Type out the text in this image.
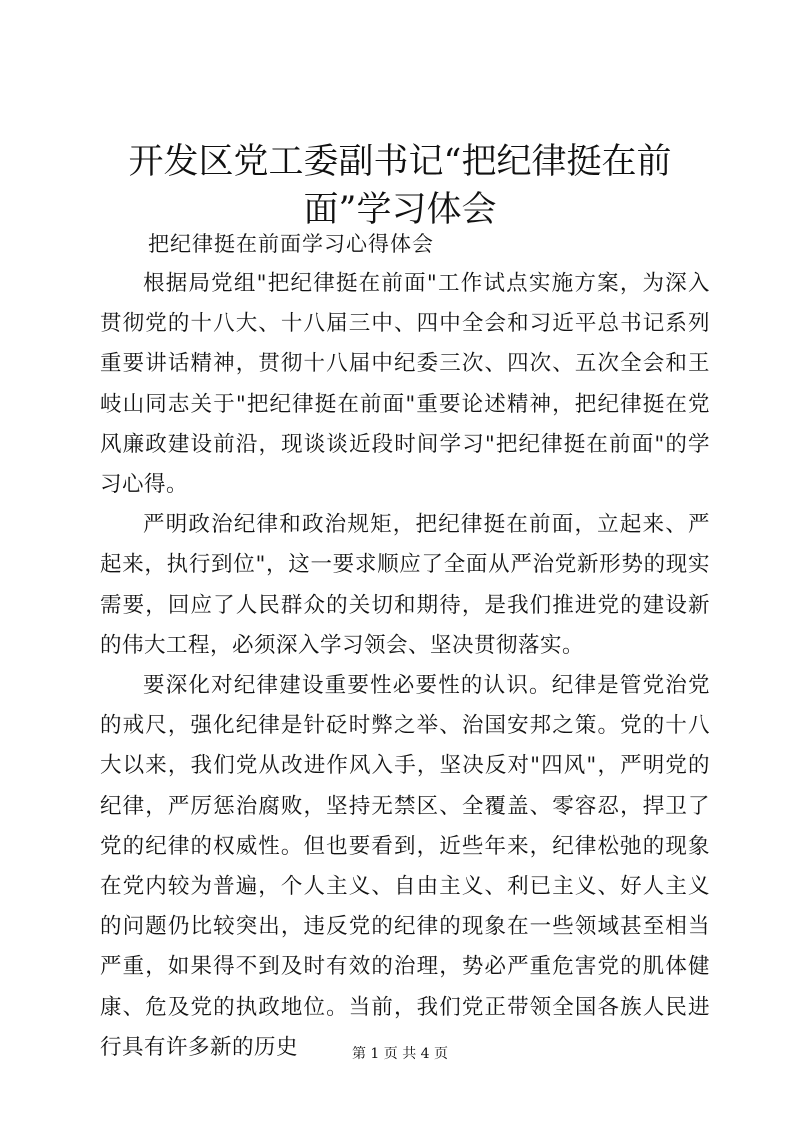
开发区党工委副书记“把纪律挺在前面”学习体会
把纪律挺在前面学习心得体会

根据局党组"把纪律挺在前面"工作试点实施方案，为深入贯彻党的十八大、十八届三中、四中全会和习近平总书记系列重要讲话精神，贯彻十八届中纪委三次、四次、五次全会和王岐山同志关于"把纪律挺在前面"重要论述精神，把纪律挺在党风廉政建设前沿，现谈谈近段时间学习"把纪律挺在前面"的学习心得。

严明政治纪律和政治规矩，把纪律挺在前面，立起来、严起来，执行到位"，这一要求顺应了全面从严治党新形势的现实需要，回应了人民群众的关切和期待，是我们推进党的建设新的伟大工程，必须深入学习领会、坚决贯彻落实。

要深化对纪律建设重要性必要性的认识。纪律是管党治党的戒尺，强化纪律是针砭时弊之举、治国安邦之策。党的十八大以来，我们党从改进作风入手，坚决反对"四风"，严明党的纪律，严厉惩治腐败，坚持无禁区、全覆盖、零容忍，捍卫了党的纪律的权威性。但也要看到，近些年来，纪律松弛的现象在党内较为普遍，个人主义、自由主义、利已主义、好人主义的问题仍比较突出，违反党的纪律的现象在一些领域甚至相当严重，如果得不到及时有效的治理，势必严重危害党的肌体健康、危及党的执政地位。当前，我们党正带领全国各族人民进行具有许多新的历史	第 1 页 共 4 页
